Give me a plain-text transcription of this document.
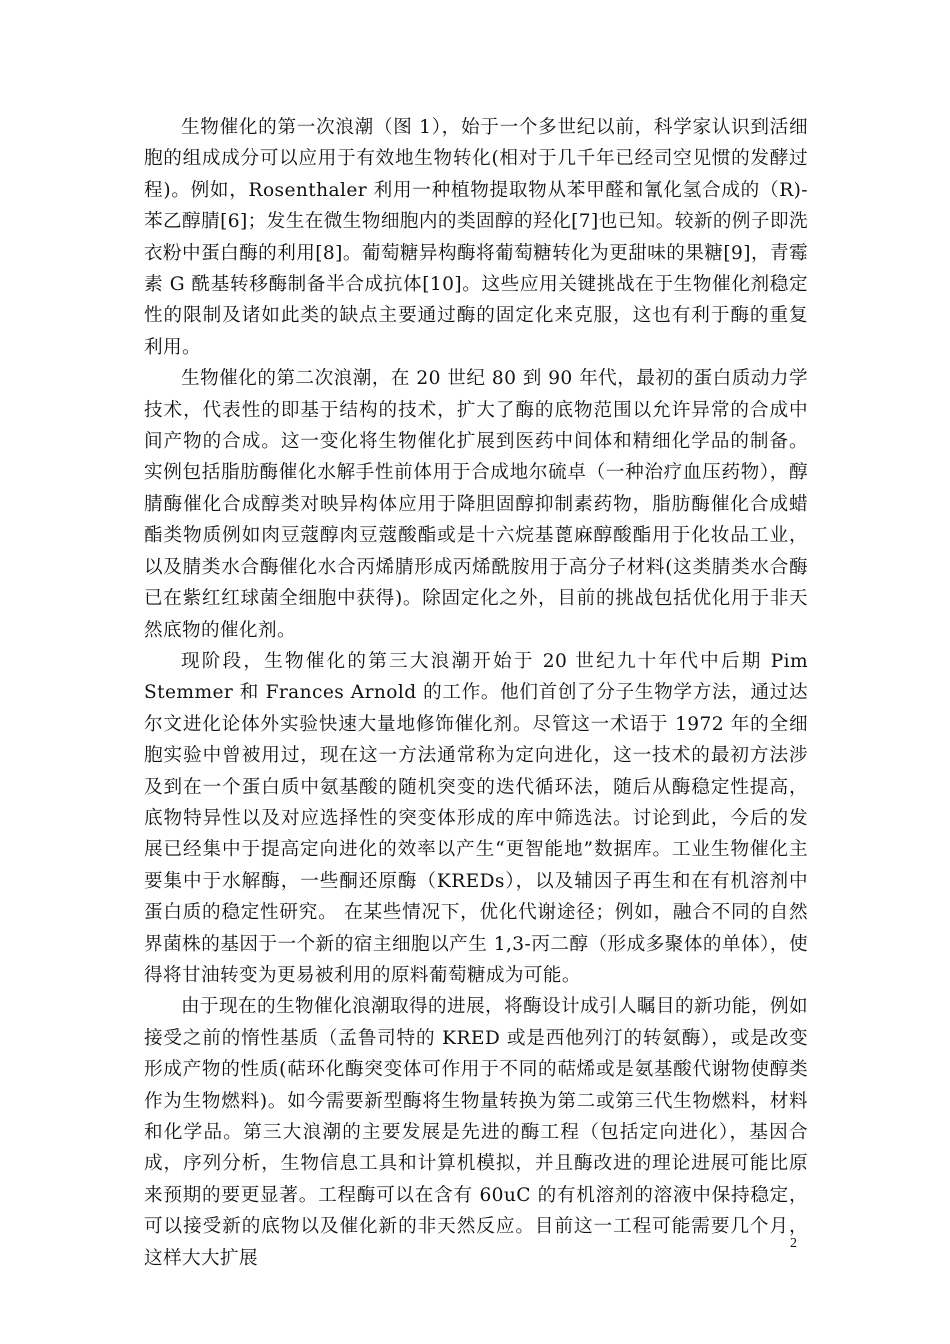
生物催化的第一次浪潮（图 1），始于一个多世纪以前，科学家认识到活细胞的组成成分可以应用于有效地生物转化(相对于几千年已经司空见惯的发酵过程)。例如，Rosenthaler 利用一种植物提取物从苯甲醛和氰化氢合成的（R)-苯乙醇腈[6]；发生在微生物细胞内的类固醇的羟化[7]也已知。较新的例子即洗衣粉中蛋白酶的利用[8]。葡萄糖异构酶将葡萄糖转化为更甜味的果糖[9]，青霉素 G 酰基转移酶制备半合成抗体[10]。这些应用关键挑战在于生物催化剂稳定性的限制及诸如此类的缺点主要通过酶的固定化来克服，这也有利于酶的重复利用。

生物催化的第二次浪潮，在 20 世纪 80 到 90 年代，最初的蛋白质动力学技术，代表性的即基于结构的技术，扩大了酶的底物范围以允许异常的合成中间产物的合成。这一变化将生物催化扩展到医药中间体和精细化学品的制备。实例包括脂肪酶催化水解手性前体用于合成地尔硫卓（一种治疗血压药物），醇腈酶催化合成醇类对映异构体应用于降胆固醇抑制素药物，脂肪酶催化合成蜡酯类物质例如肉豆蔻醇肉豆蔻酸酯或是十六烷基蓖麻醇酸酯用于化妆品工业，以及腈类水合酶催化水合丙烯腈形成丙烯酰胺用于高分子材料(这类腈类水合酶已在紫红红球菌全细胞中获得)。除固定化之外，目前的挑战包括优化用于非天然底物的催化剂。

现阶段，生物催化的第三大浪潮开始于 20 世纪九十年代中后期 Pim Stemmer 和 Frances Arnold 的工作。他们首创了分子生物学方法，通过达尔文进化论体外实验快速大量地修饰催化剂。尽管这一术语于 1972 年的全细胞实验中曾被用过，现在这一方法通常称为定向进化，这一技术的最初方法涉及到在一个蛋白质中氨基酸的随机突变的迭代循环法，随后从酶稳定性提高，底物特异性以及对应选择性的突变体形成的库中筛选法。讨论到此，今后的发展已经集中于提高定向进化的效率以产生“更智能地”数据库。工业生物催化主要集中于水解酶，一些酮还原酶（KREDs），以及辅因子再生和在有机溶剂中蛋白质的稳定性研究。 在某些情况下，优化代谢途径；例如，融合不同的自然界菌株的基因于一个新的宿主细胞以产生 1,3-丙二醇（形成多聚体的单体），使得将甘油转变为更易被利用的原料葡萄糖成为可能。

由于现在的生物催化浪潮取得的进展，将酶设计成引人瞩目的新功能，例如接受之前的惰性基质（孟鲁司特的 KRED 或是西他列汀的转氨酶），或是改变形成产物的性质(萜环化酶突变体可作用于不同的萜烯或是氨基酸代谢物使醇类作为生物燃料)。如今需要新型酶将生物量转换为第二或第三代生物燃料，材料和化学品。第三大浪潮的主要发展是先进的酶工程（包括定向进化），基因合成，序列分析，生物信息工具和计算机模拟，并且酶改进的理论进展可能比原来预期的要更显著。工程酶可以在含有 60uC 的有机溶剂的溶液中保持稳定，可以接受新的底物以及催化新的非天然反应。目前这一工程可能需要几个月，这样大大扩展

2
